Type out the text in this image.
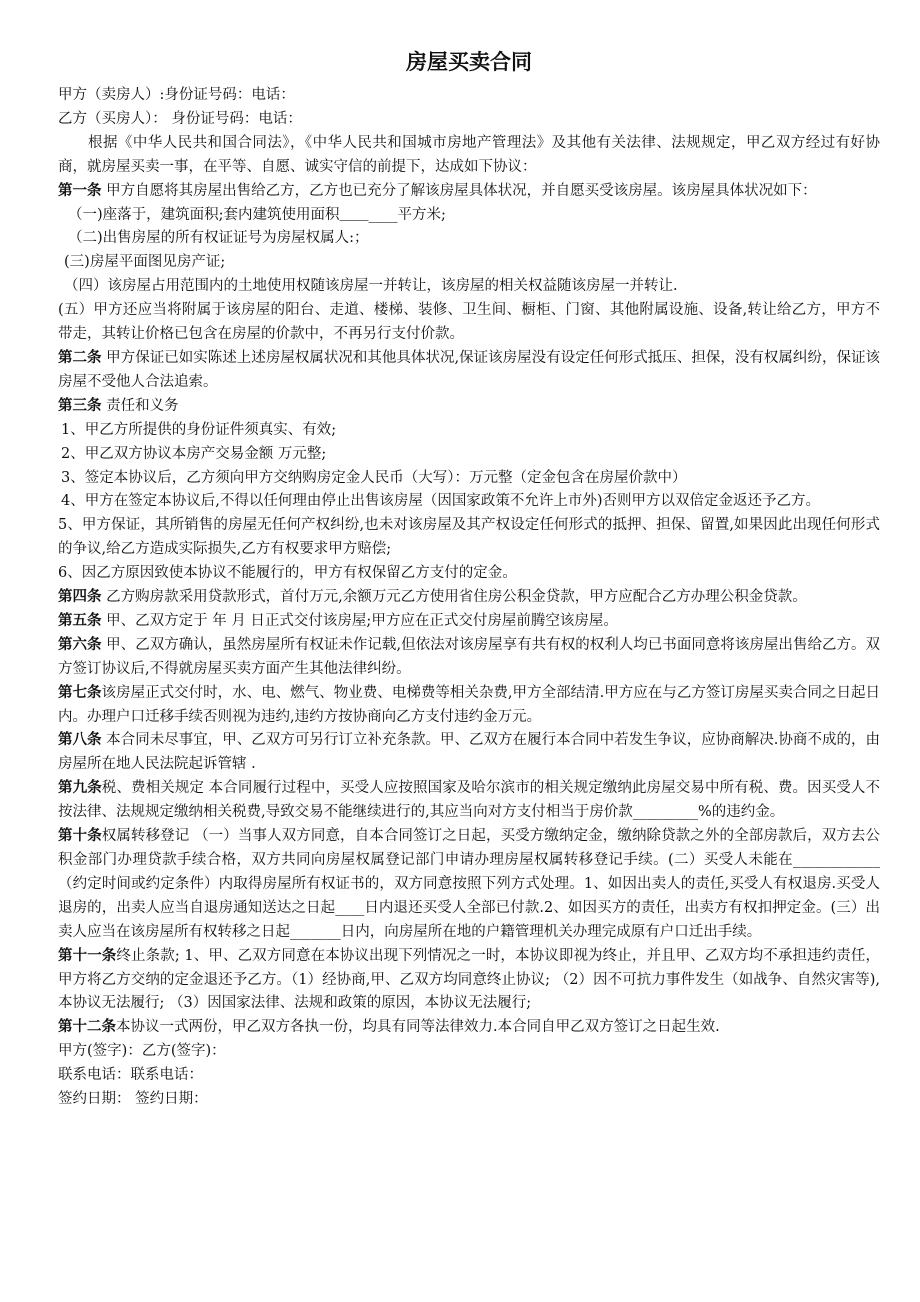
房屋买卖合同

甲方（卖房人）:身份证号码：电话：

乙方（买房人）： 身份证号码：电话：

根据《中华人民共和国合同法》，《中华人民共和国城市房地产管理法》及其他有关法律、法规规定，甲乙双方经过有好协商，就房屋买卖一事，在平等、自愿、诚实守信的前提下，达成如下协议：

第一条 甲方自愿将其房屋出售给乙方，乙方也已充分了解该房屋具体状况，并自愿买受该房屋。该房屋具体状况如下：

（一)座落于，建筑面积;套内建筑使用面积＿＿____平方米;

（二)出售房屋的所有权证证号为房屋权属人:；

(三)房屋平面图见房产证;

（四）该房屋占用范围内的土地使用权随该房屋一并转让，该房屋的相关权益随该房屋一并转让.

(五）甲方还应当将附属于该房屋的阳台、走道、楼梯、装修、卫生间、橱柜、门窗、其他附属设施、设备,转让给乙方，甲方不带走，其转让价格已包含在房屋的价款中，不再另行支付价款。

第二条 甲方保证已如实陈述上述房屋权属状况和其他具体状况,保证该房屋没有设定任何形式抵压、担保，没有权属纠纷，保证该房屋不受他人合法追索。

第三条 责任和义务

1、甲乙方所提供的身份证件须真实、有效;

2、甲乙双方协议本房产交易金额 万元整;

3、签定本协议后，乙方须向甲方交纳购房定金人民币（大写）：万元整（定金包含在房屋价款中）

4、甲方在签定本协议后,不得以任何理由停止出售该房屋（因国家政策不允许上市外)否则甲方以双倍定金返还予乙方。

5、甲方保证，其所销售的房屋无任何产权纠纷,也未对该房屋及其产权设定任何形式的抵押、担保、留置,如果因此出现任何形式的争议,给乙方造成实际损失,乙方有权要求甲方赔偿;

6、因乙方原因致使本协议不能履行的，甲方有权保留乙方支付的定金。

第四条 乙方购房款采用贷款形式，首付万元,余额万元乙方使用省住房公积金贷款，甲方应配合乙方办理公积金贷款。

第五条 甲、乙双方定于 年 月 日正式交付该房屋;甲方应在正式交付房屋前腾空该房屋。

第六条 甲、乙双方确认，虽然房屋所有权证未作记载,但依法对该房屋享有共有权的权利人均已书面同意将该房屋出售给乙方。双方签订协议后,不得就房屋买卖方面产生其他法律纠纷。

第七条该房屋正式交付时，水、电、燃气、物业费、电梯费等相关杂费,甲方全部结清.甲方应在与乙方签订房屋买卖合同之日起日内。办理户口迁移手续否则视为违约,违约方按协商向乙方支付违约金万元。

第八条 本合同未尽事宜，甲、乙双方可另行订立补充条款。甲、乙双方在履行本合同中若发生争议，应协商解决.协商不成的，由房屋所在地人民法院起诉管辖 .

第九条税、费相关规定 本合同履行过程中，买受人应按照国家及哈尔滨市的相关规定缴纳此房屋交易中所有税、费。因买受人不按法律、法规规定缴纳相关税费,导致交易不能继续进行的,其应当向对方支付相当于房价款_________%的违约金。

第十条权属转移登记 （一）当事人双方同意，自本合同签订之日起，买受方缴纳定金，缴纳除贷款之外的全部房款后，双方去公积金部门办理贷款手续合格，双方共同向房屋权属登记部门申请办理房屋权属转移登记手续。(二）买受人未能在____________（约定时间或约定条件）内取得房屋所有权证书的，双方同意按照下列方式处理。1、如因出卖人的责任,买受人有权退房.买受人退房的，出卖人应当自退房通知送达之日起____日内退还买受人全部已付款.2、如因买方的责任，出卖方有权扣押定金。(三）出卖人应当在该房屋所有权转移之日起_______日内，向房屋所在地的户籍管理机关办理完成原有户口迁出手续。

第十一条终止条款; 1、甲、乙双方同意在本协议出现下列情况之一时，本协议即视为终止，并且甲、乙双方均不承担违约责任，甲方将乙方交纳的定金退还予乙方。（1）经协商,甲、乙双方均同意终止协议; （2）因不可抗力事件发生（如战争、自然灾害等),本协议无法履行; （3）因国家法律、法规和政策的原因，本协议无法履行;

第十二条本协议一式两份，甲乙双方各执一份，均具有同等法律效力.本合同自甲乙双方签订之日起生效.

甲方(签字)：乙方(签字)：

联系电话：联系电话：

签约日期： 签约日期：
